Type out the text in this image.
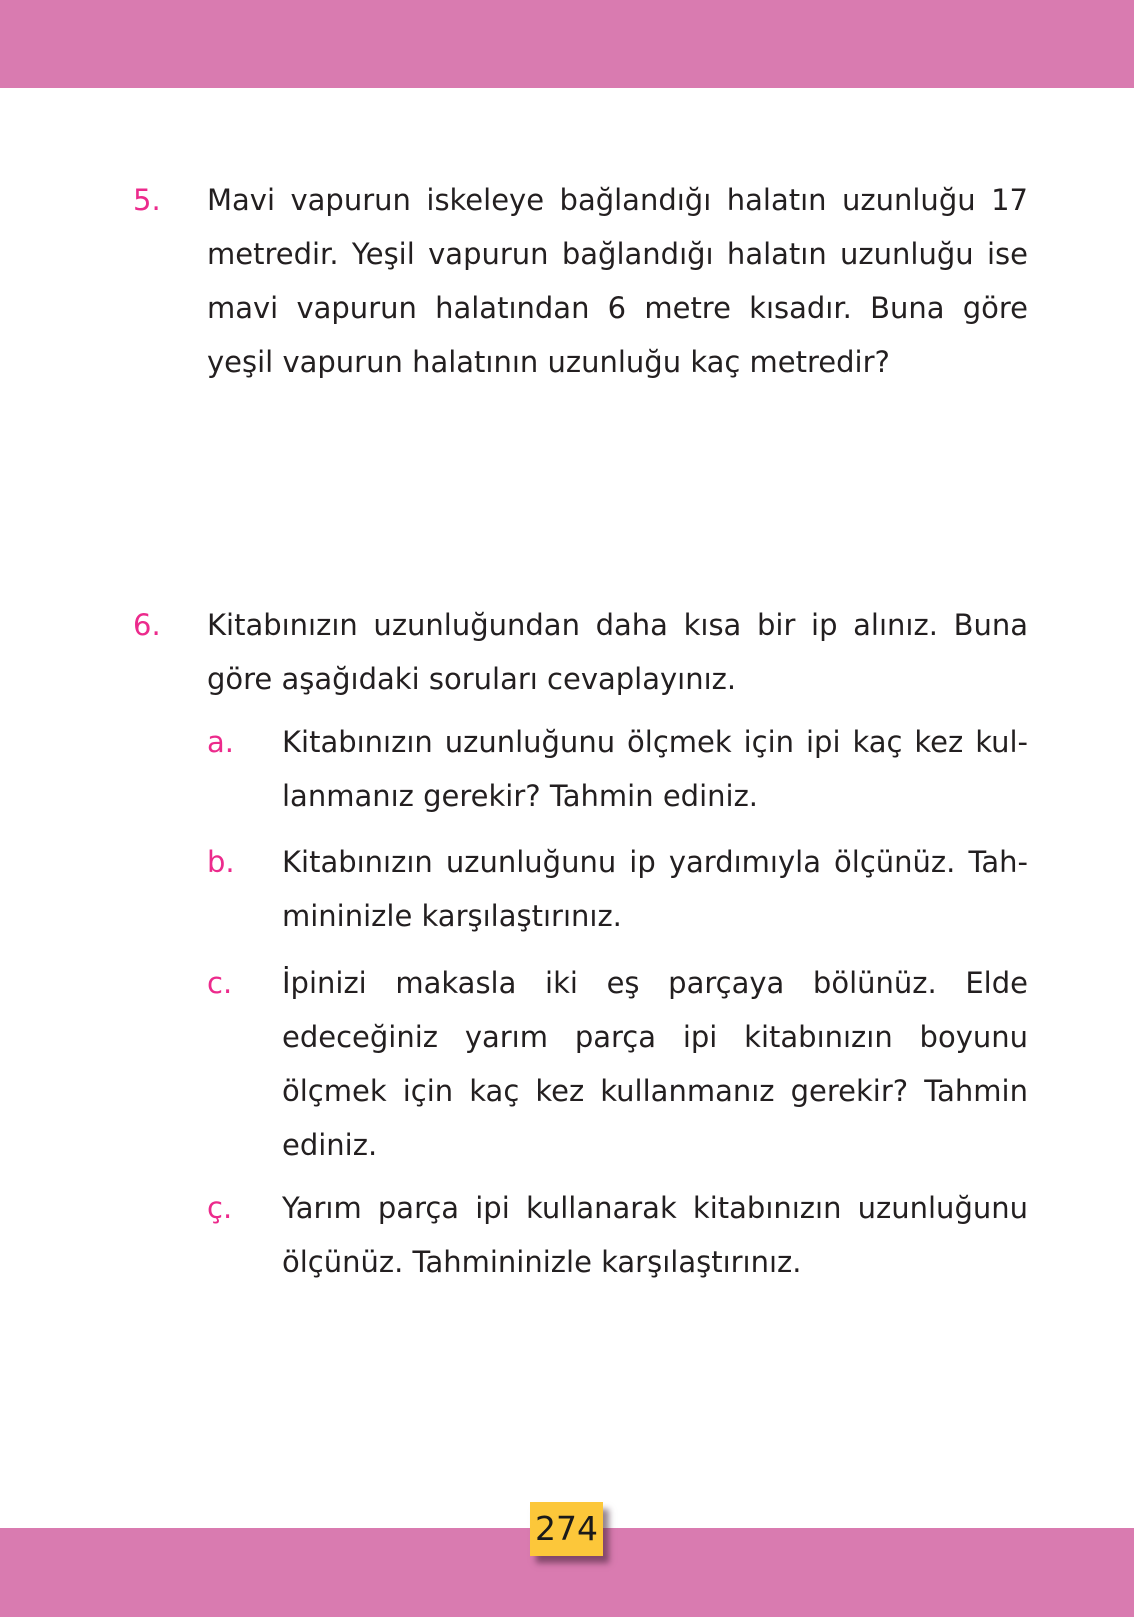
5. Mavi vapurun iskeleye bağlandığı halatın uzunluğu 17
metredir. Yeşil vapurun bağlandığı halatın uzunluğu ise
mavi vapurun halatından 6 metre kısadır. Buna göre
yeşil vapurun halatının uzunluğu kaç metredir?
6. Kitabınızın uzunluğundan daha kısa bir ip alınız. Buna
göre aşağıdaki soruları cevaplayınız.
a. Kitabınızın uzunluğunu ölçmek için ipi kaç kez kul-
lanmanız gerekir? Tahmin ediniz.
b. Kitabınızın uzunluğunu ip yardımıyla ölçünüz. Tah-
mininizle karşılaştırınız.
c. İpinizi makasla iki eş parçaya bölünüz. Elde
edeceğiniz yarım parça ipi kitabınızın boyunu
ölçmek için kaç kez kullanmanız gerekir? Tahmin
ediniz.
ç. Yarım parça ipi kullanarak kitabınızın uzunluğunu
ölçünüz. Tahmininizle karşılaştırınız.
274
